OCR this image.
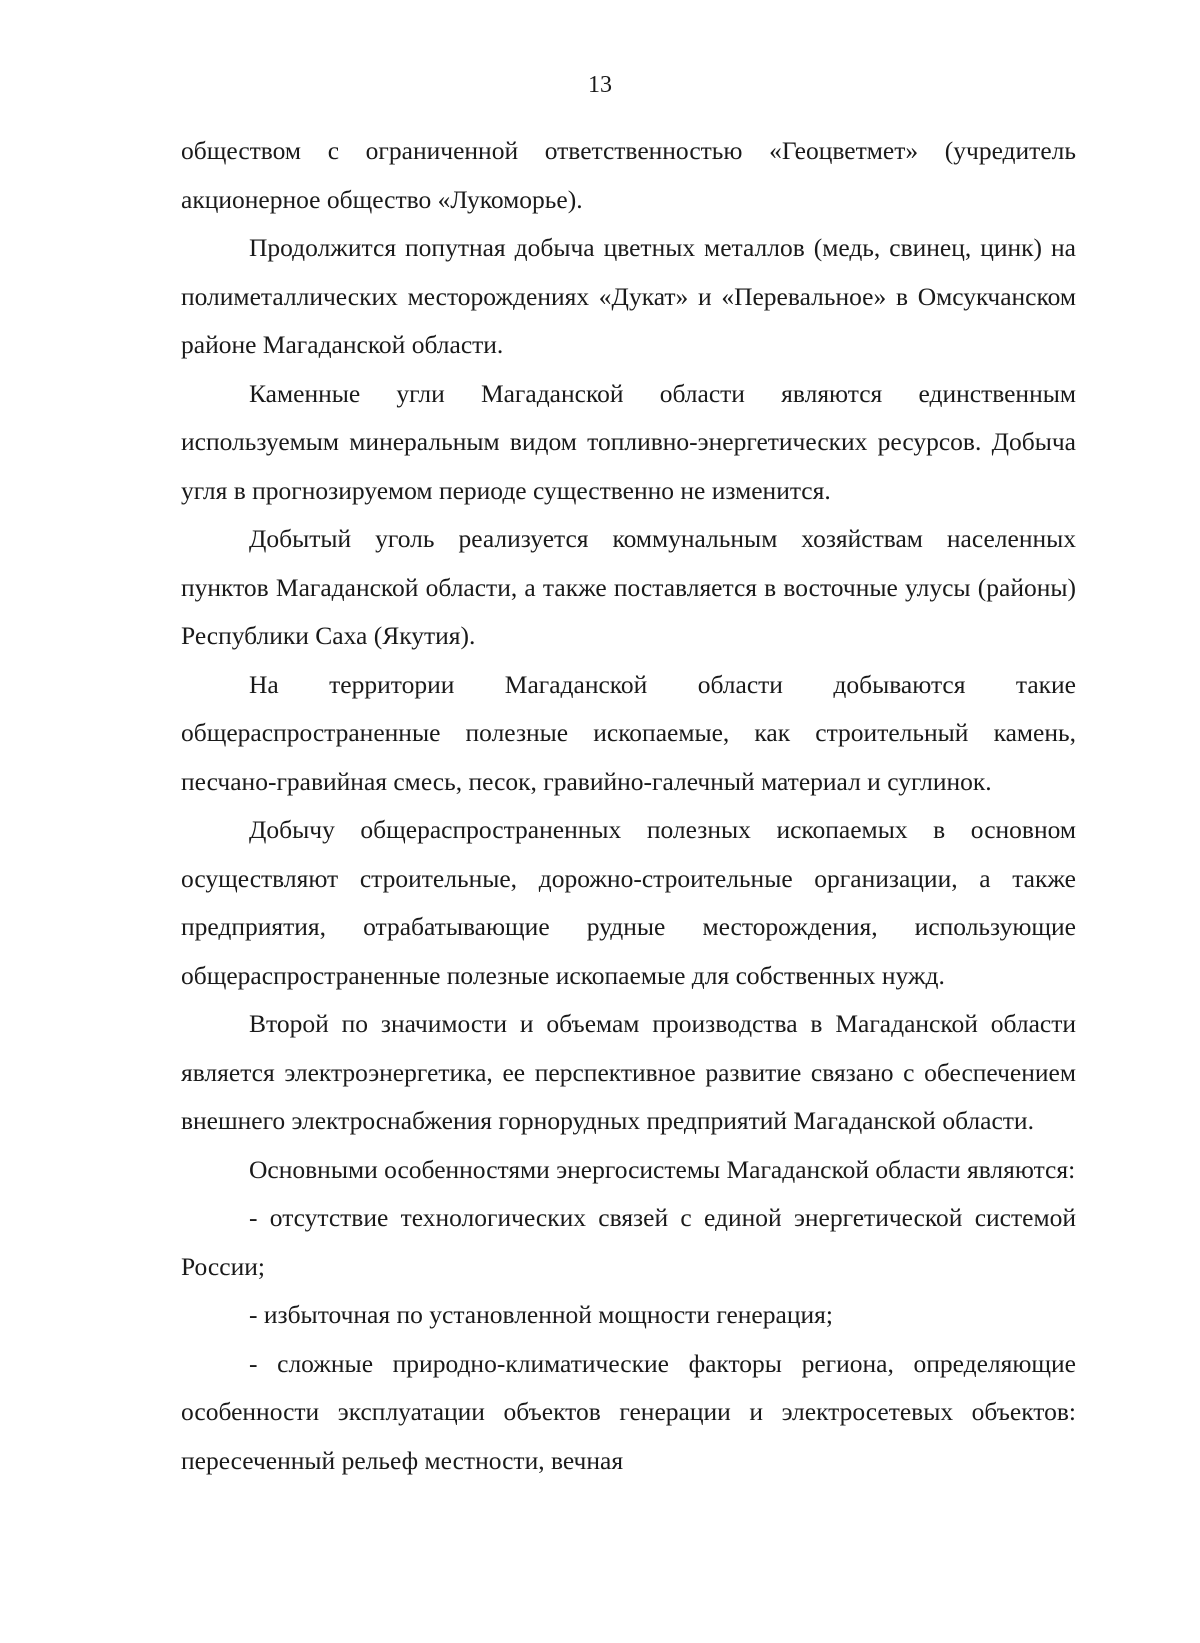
13

обществом с ограниченной ответственностью «Геоцветмет» (учредитель акционерное общество «Лукоморье).

Продолжится попутная добыча цветных металлов (медь, свинец, цинк) на полиметаллических месторождениях «Дукат» и «Перевальное» в Омсукчанском районе Магаданской области.

Каменные угли Магаданской области являются единственным используемым минеральным видом топливно-энергетических ресурсов. Добыча угля в прогнозируемом периоде существенно не изменится.

Добытый уголь реализуется коммунальным хозяйствам населенных пунктов Магаданской области, а также поставляется в восточные улусы (районы) Республики Саха (Якутия).

На территории Магаданской области добываются такие общераспространенные полезные ископаемые, как строительный камень, песчано-гравийная смесь, песок, гравийно-галечный материал и суглинок.

Добычу общераспространенных полезных ископаемых в основном осуществляют строительные, дорожно-строительные организации, а также предприятия, отрабатывающие рудные месторождения, использующие общераспространенные полезные ископаемые для собственных нужд.

Второй по значимости и объемам производства в Магаданской области является электроэнергетика, ее перспективное развитие связано с обеспечением внешнего электроснабжения горнорудных предприятий Магаданской области.

Основными особенностями энергосистемы Магаданской области являются:

- отсутствие технологических связей с единой энергетической системой России;

- избыточная по установленной мощности генерация;

- сложные природно-климатические факторы региона, определяющие особенности эксплуатации объектов генерации и электросетевых объектов: пересеченный рельеф местности, вечная
